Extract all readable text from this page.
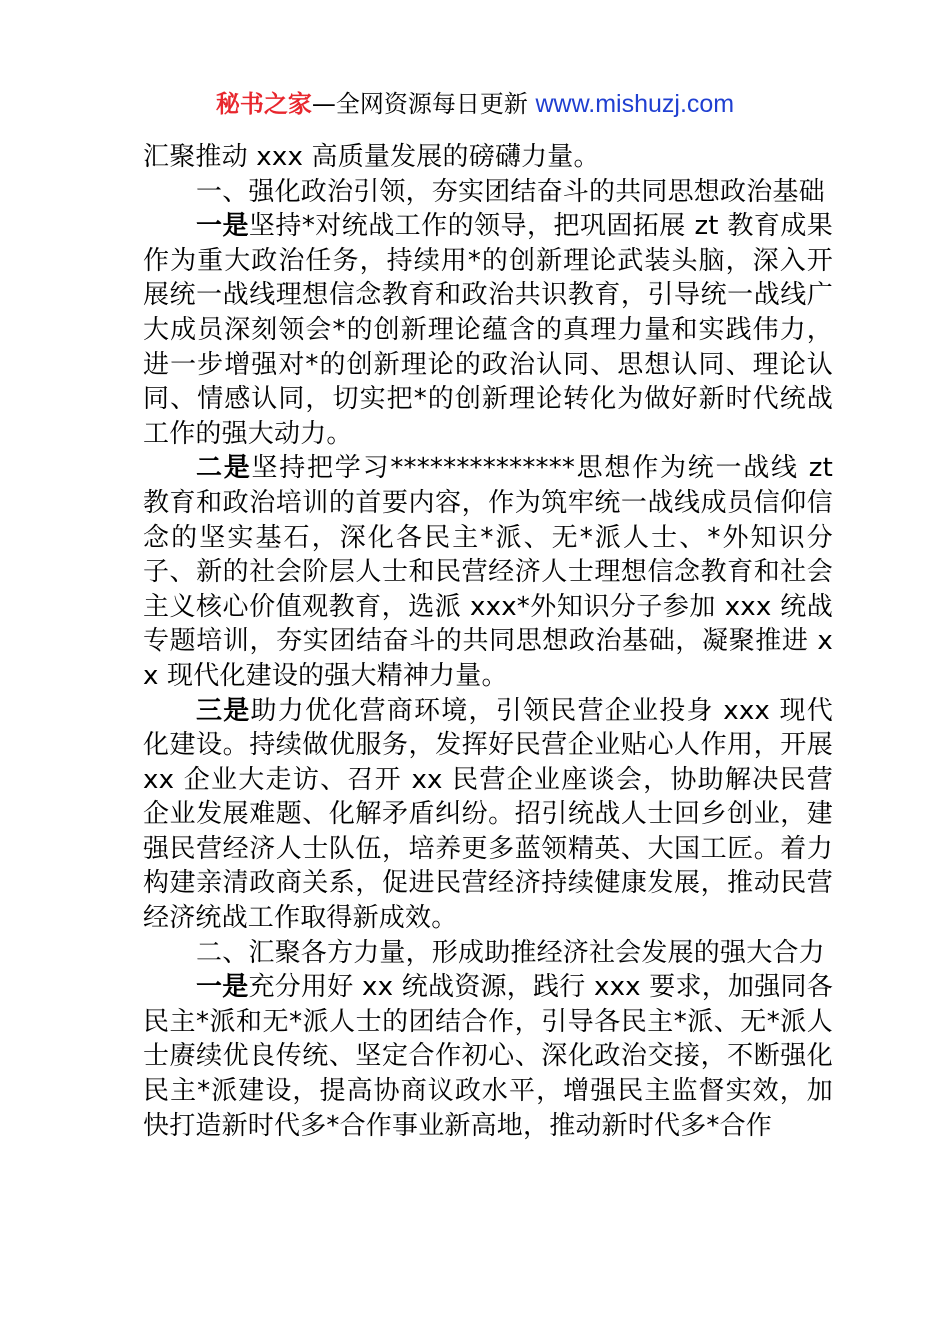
秘书之家—全网资源每日更新 www.mishuzj.com

汇聚推动 xxx 高质量发展的磅礴力量。

一、强化政治引领，夯实团结奋斗的共同思想政治基础

一是坚持*对统战工作的领导，把巩固拓展 zt 教育成果作为重大政治任务，持续用*的创新理论武装头脑，深入开展统一战线理想信念教育和政治共识教育，引导统一战线广大成员深刻领会*的创新理论蕴含的真理力量和实践伟力，进一步增强对*的创新理论的政治认同、思想认同、理论认同、情感认同，切实把*的创新理论转化为做好新时代统战工作的强大动力。

二是坚持把学习**************思想作为统一战线 zt 教育和政治培训的首要内容，作为筑牢统一战线成员信仰信念的坚实基石，深化各民主*派、无*派人士、*外知识分子、新的社会阶层人士和民营经济人士理想信念教育和社会主义核心价值观教育，选派 xxx*外知识分子参加 xxx 统战专题培训，夯实团结奋斗的共同思想政治基础，凝聚推进 xx 现代化建设的强大精神力量。

三是助力优化营商环境，引领民营企业投身 xxx 现代化建设。持续做优服务，发挥好民营企业贴心人作用，开展 xx 企业大走访、召开 xx 民营企业座谈会，协助解决民营企业发展难题、化解矛盾纠纷。招引统战人士回乡创业，建强民营经济人士队伍，培养更多蓝领精英、大国工匠。着力构建亲清政商关系，促进民营经济持续健康发展，推动民营经济统战工作取得新成效。

二、汇聚各方力量，形成助推经济社会发展的强大合力

一是充分用好 xx 统战资源，践行 xxx 要求，加强同各民主*派和无*派人士的团结合作，引导各民主*派、无*派人士赓续优良传统、坚定合作初心、深化政治交接，不断强化民主*派建设，提高协商议政水平，增强民主监督实效，加快打造新时代多*合作事业新高地，推动新时代多*合作
